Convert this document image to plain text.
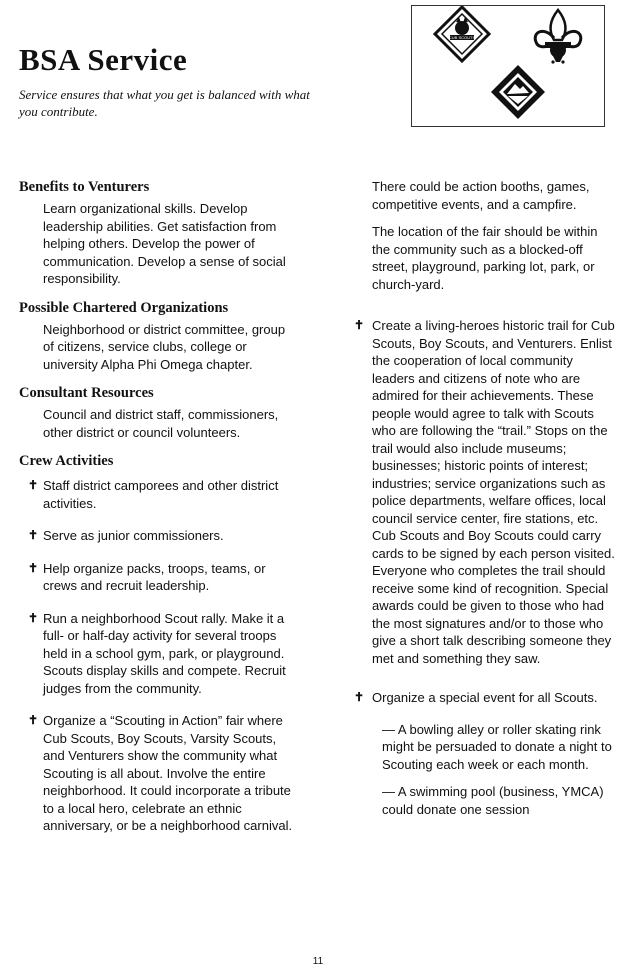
BSA Service

Service ensures that what you get is balanced with what you contribute.

CUB SCOUTS
Benefits to Venturers

Learn organizational skills. Develop leadership abilities. Get satisfaction from helping others. Develop the power of communication. Develop a sense of social responsibility.

Possible Chartered Organizations

Neighborhood or district committee, group of citizens, service clubs, college or university Alpha Phi Omega chapter.

Consultant Resources

Council and district staff, commissioners, other district or council volunteers.

Crew Activities
✝ Staff district camporees and other district activities.
✝ Serve as junior commissioners.
✝ Help organize packs, troops, teams, or crews and recruit leadership.
✝ Run a neighborhood Scout rally. Make it a full- or half-day activity for several troops held in a school gym, park, or playground. Scouts display skills and compete. Recruit judges from the community.
✝ Organize a “Scouting in Action” fair where Cub Scouts, Boy Scouts, Varsity Scouts, and Venturers show the community what Scouting is all about. Involve the entire neighborhood. It could incorporate a tribute to a local hero, celebrate an ethnic anniversary, or be a neighborhood carnival.

There could be action booths, games, competitive events, and a campfire.

The location of the fair should be within the community such as a blocked-off street, playground, parking lot, park, or church-yard.

✝ Create a living-heroes historic trail for Cub Scouts, Boy Scouts, and Venturers. Enlist the cooperation of local community leaders and citizens of note who are admired for their achievements. These people would agree to talk with Scouts who are following the “trail.” Stops on the trail would also include museums; businesses; historic points of interest; industries; service organizations such as police departments, welfare offices, local council service center, fire stations, etc. Cub Scouts and Boy Scouts could carry cards to be signed by each person visited. Everyone who completes the trail should receive some kind of recognition. Special awards could be given to those who had the most signatures and/or to those who give a short talk describing someone they met and something they saw.
✝ Organize a special event for all Scouts.

— A bowling alley or roller skating rink might be persuaded to donate a night to Scouting each week or each month.

— A swimming pool (business, YMCA) could donate one session

11
